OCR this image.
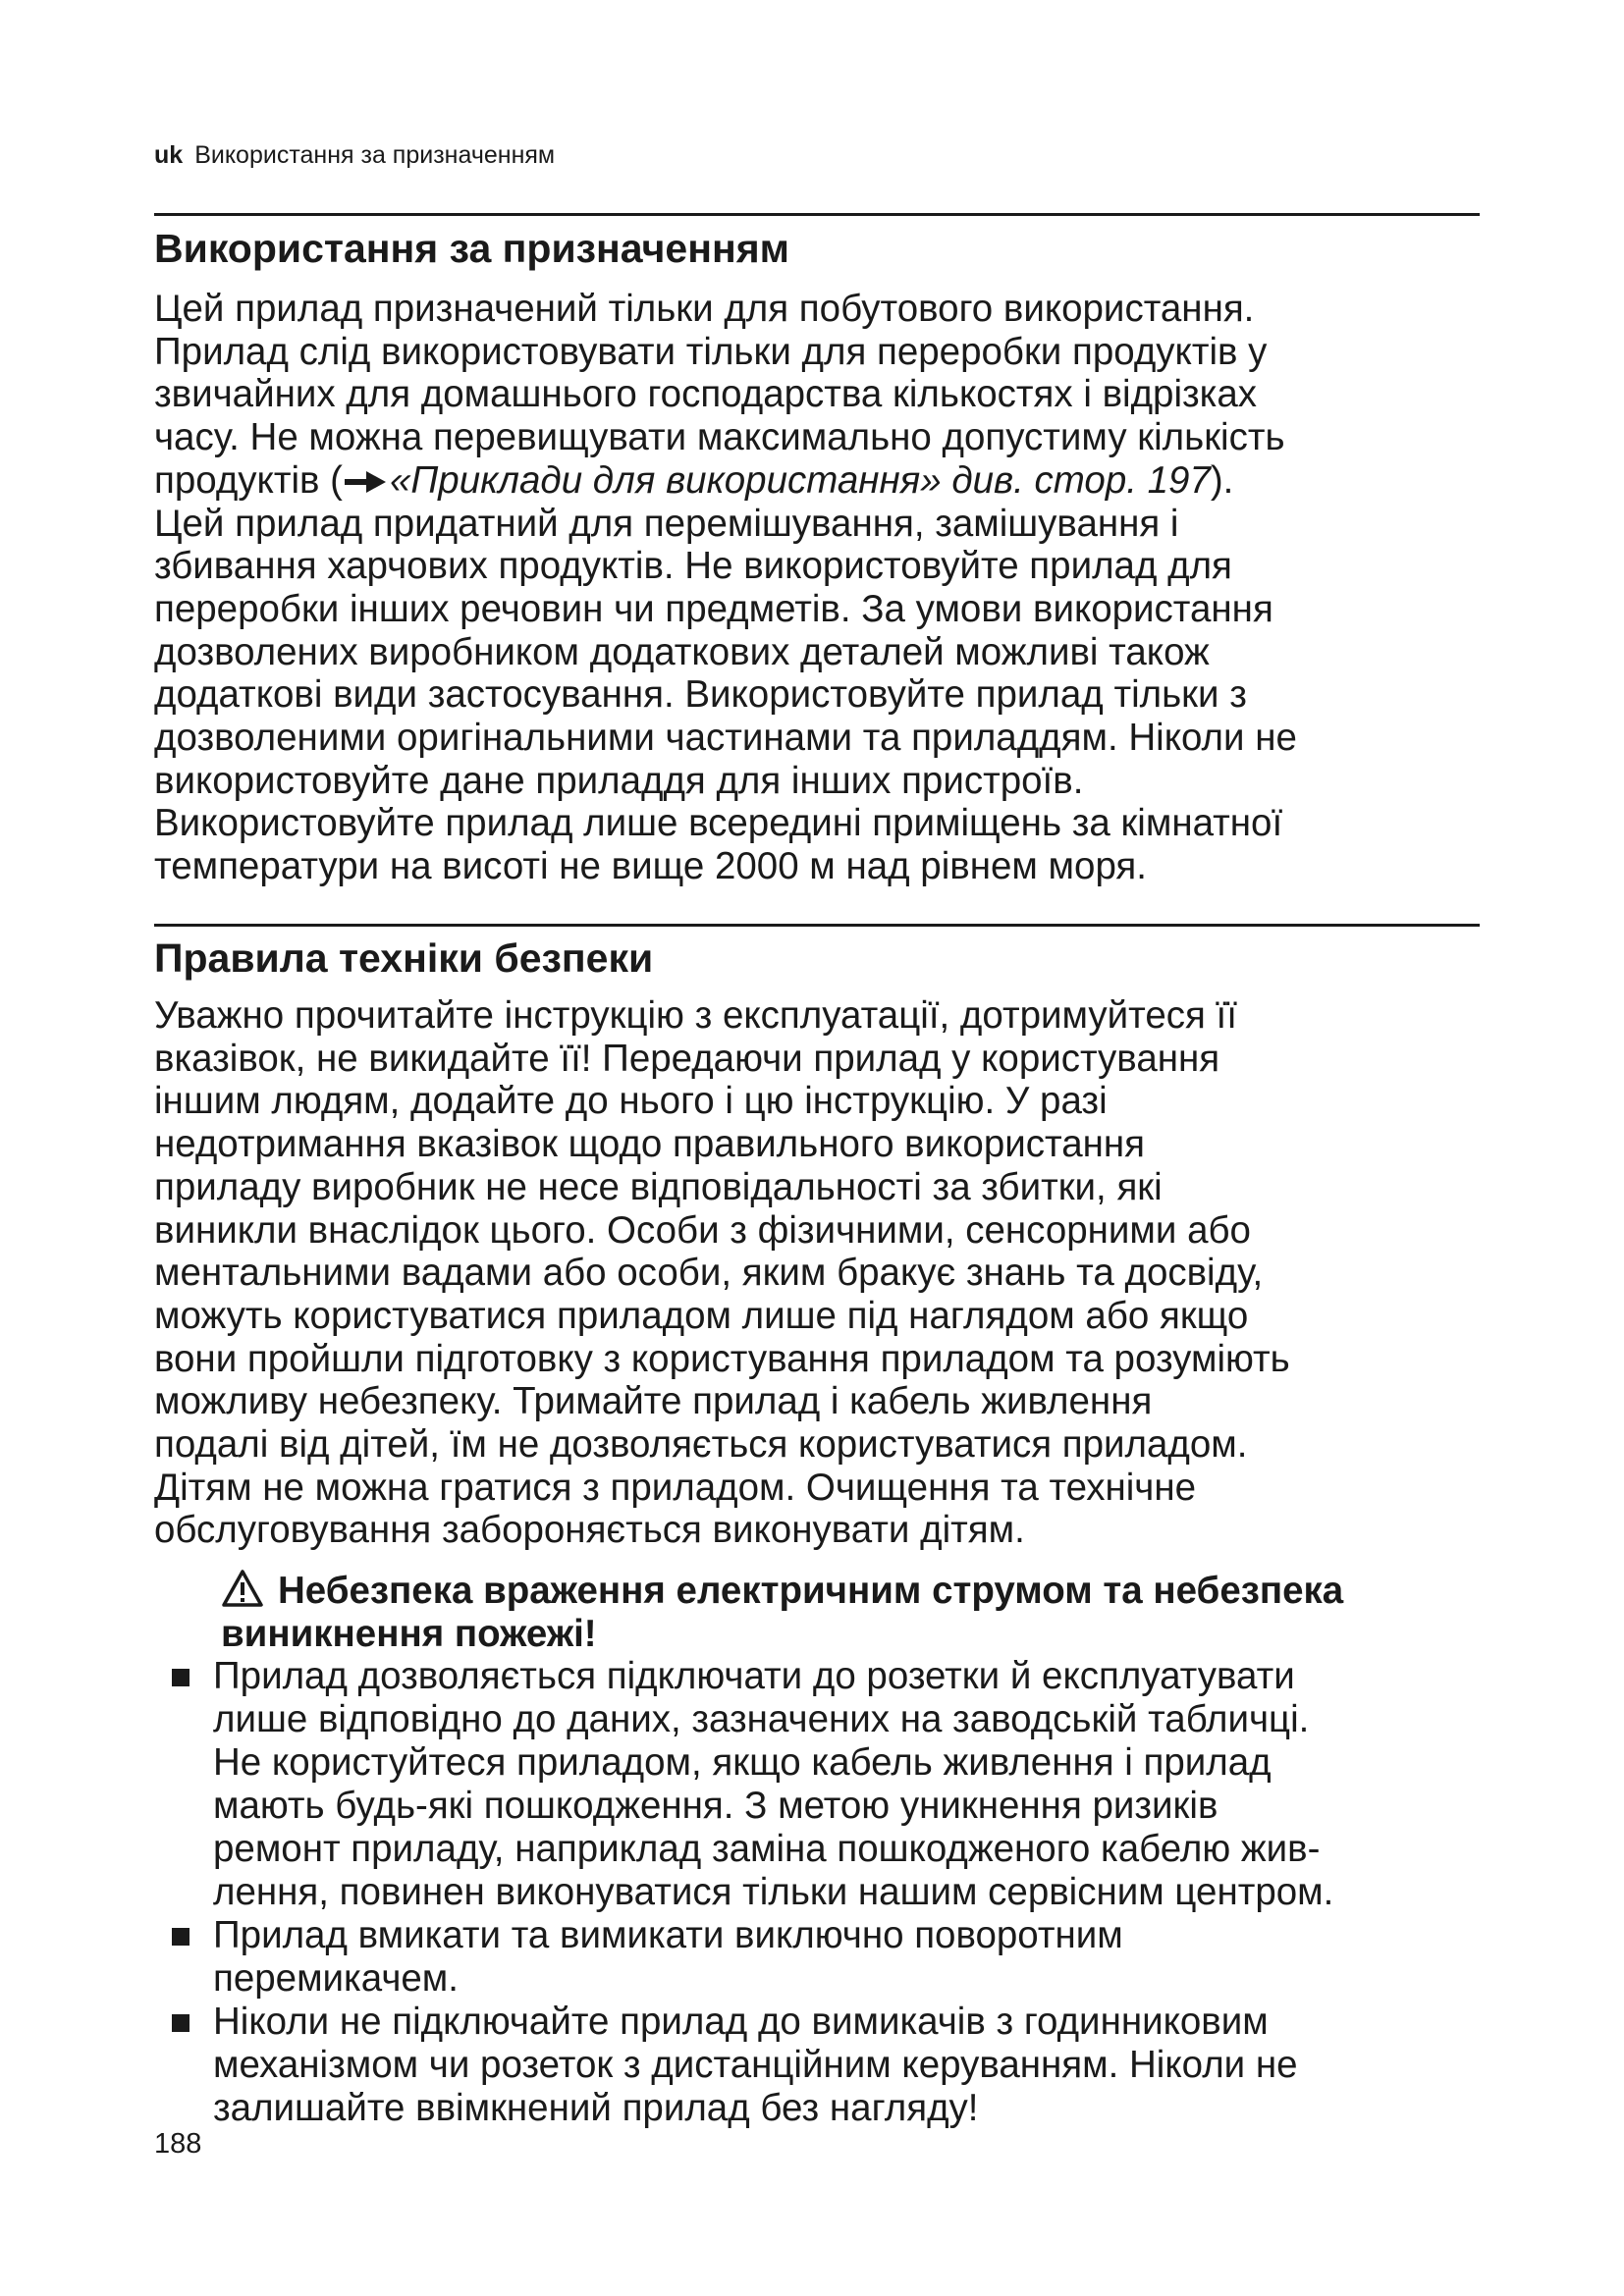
uk Використання за призначенням
Використання за призначенням
Цей прилад призначений тільки для побутового використання.
Прилад слід використовувати тільки для переробки продуктів у
звичайних для домашнього господарства кількостях і відрізках
часу. Не можна перевищувати максимально допустиму кількість
продуктів ( «Приклади для використання» див. стор. 197).
Цей прилад придатний для перемішування, замішування і
збивання харчових продуктів. Не використовуйте прилад для
переробки інших речовин чи предметів. За умови використання
дозволених виробником додаткових деталей можливі також
додаткові види застосування. Використовуйте прилад тільки з
дозволеними оригінальними частинами та приладдям. Ніколи не
використовуйте дане приладдя для інших пристроїв.
Використовуйте прилад лише всередині приміщень за кімнатної
температури на висоті не вище 2000 м над рівнем моря.
Правила техніки безпеки
Уважно прочитайте інструкцію з експлуатації, дотримуйтеся її
вказівок, не викидайте її! Передаючи прилад у користування
іншим людям, додайте до нього і цю інструкцію. У разі
недотримання вказівок щодо правильного використання
приладу виробник не несе відповідальності за збитки, які
виникли внаслідок цього. Особи з фізичними, сенсорними або
ментальними вадами або особи, яким бракує знань та досвіду,
можуть користуватися приладом лише під наглядом або якщо
вони пройшли підготовку з користування приладом та розуміють
можливу небезпеку. Тримайте прилад і кабель живлення
подалі від дітей, їм не дозволяється користуватися приладом.
Дітям не можна гратися з приладом. Очищення та технічне
обслуговування забороняється виконувати дітям.
Небезпека враження електричним струмом та небезпека
виникнення пожежі!
Прилад дозволяється підключати до розетки й експлуатувати
лише відповідно до даних, зазначених на заводській табличці.
Не користуйтеся приладом, якщо кабель живлення і прилад
мають будь-які пошкодження. З метою уникнення ризиків
ремонт приладу, наприклад заміна пошкодженого кабелю жив-
лення, повинен виконуватися тільки нашим сервісним центром.
Прилад вмикати та вимикати виключно поворотним
перемикачем.
Ніколи не підключайте прилад до вимикачів з годинниковим
механізмом чи розеток з дистанційним керуванням. Ніколи не
залишайте ввімкнений прилад без нагляду!
188
